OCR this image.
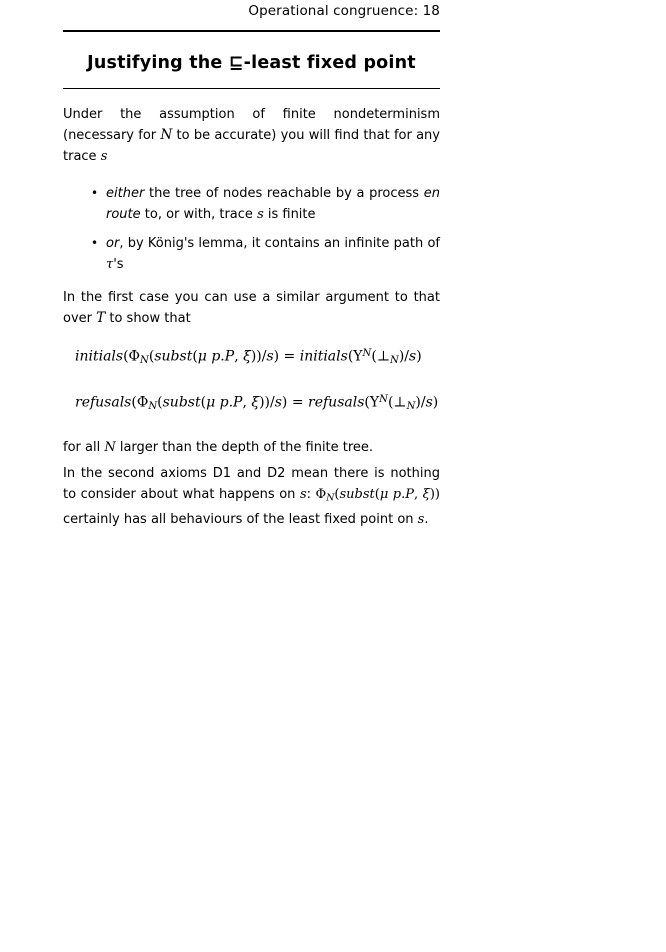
Operational congruence: 18
Justifying the ⊑-least fixed point

Under the assumption of finite nondeterminism (necessary for N to be accurate) you will find that for any trace s

• either the tree of nodes reachable by a process en route to, or with, trace s is finite
• or, by König's lemma, it contains an infinite path of τ's

In the first case you can use a similar argument to that over T to show that

initials(ΦN(subst(μ p.P, $\xi))/s) = initials(\Upsilon^N(\perp N)/s)$
refusals(ΦN(subst(μ p.P, $\xi))/s) = refusals(\Upsilon^N(\perp N)/s)$

for all N larger than the depth of the finite tree.

In the second axioms D1 and D2 mean there is nothing to consider about what happens on s: ΦN(subst(μ p.P, ξ)) certainly has all behaviours of the least fixed point on s.
